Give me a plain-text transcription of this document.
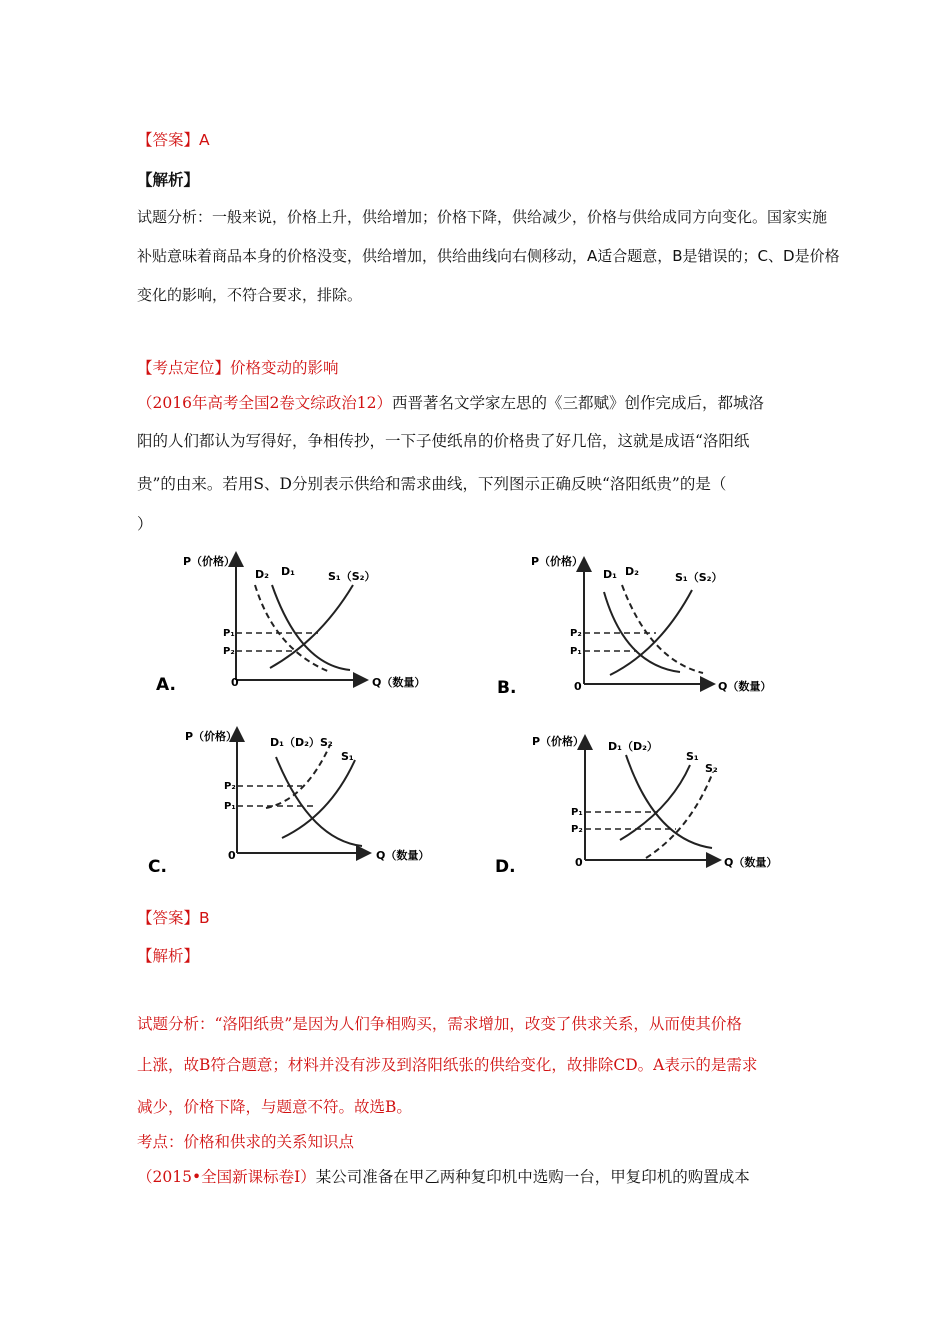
【答案】A
【解析】
试题分析：一般来说，价格上升，供给增加；价格下降，供给减少，价格与供给成同方向变化。国家实施
补贴意味着商品本身的价格没变，供给增加，供给曲线向右侧移动，A适合题意，B是错误的；C、D是价格
变化的影响，不符合要求，排除。
【考点定位】价格变动的影响
（2016年高考全国2卷文综政治12）西晋著名文学家左思的《三都赋》创作完成后，都城洛
阳的人们都认为写得好，争相传抄，一下子使纸帛的价格贵了好几倍，这就是成语“洛阳纸
贵”的由来。若用S、D分别表示供给和需求曲线，下列图示正确反映“洛阳纸贵”的是（
）
A.
P（价格）
Q（数量）
0
D₂ D₁	S₁（S₂）
P₁
P₂
B.
P（价格）
Q（数量）
0
D₁ D₂	S₁（S₂）
P₂
P₁
C.
P（价格）
Q（数量）
0
D₁（D₂） S₂
S₁
P₂
P₁
D.
P（价格）
Q（数量）
0
D₁（D₂）
S₁
S₂
P₁
P₂
【答案】B
【解析】
试题分析：“洛阳纸贵”是因为人们争相购买，需求增加，改变了供求关系，从而使其价格
上涨，故B符合题意；材料并没有涉及到洛阳纸张的供给变化，故排除CD。A表示的是需求
减少，价格下降，与题意不符。故选B。
考点：价格和供求的关系知识点
（2015•全国新课标卷Ⅰ）某公司准备在甲乙两种复印机中选购一台，甲复印机的购置成本
